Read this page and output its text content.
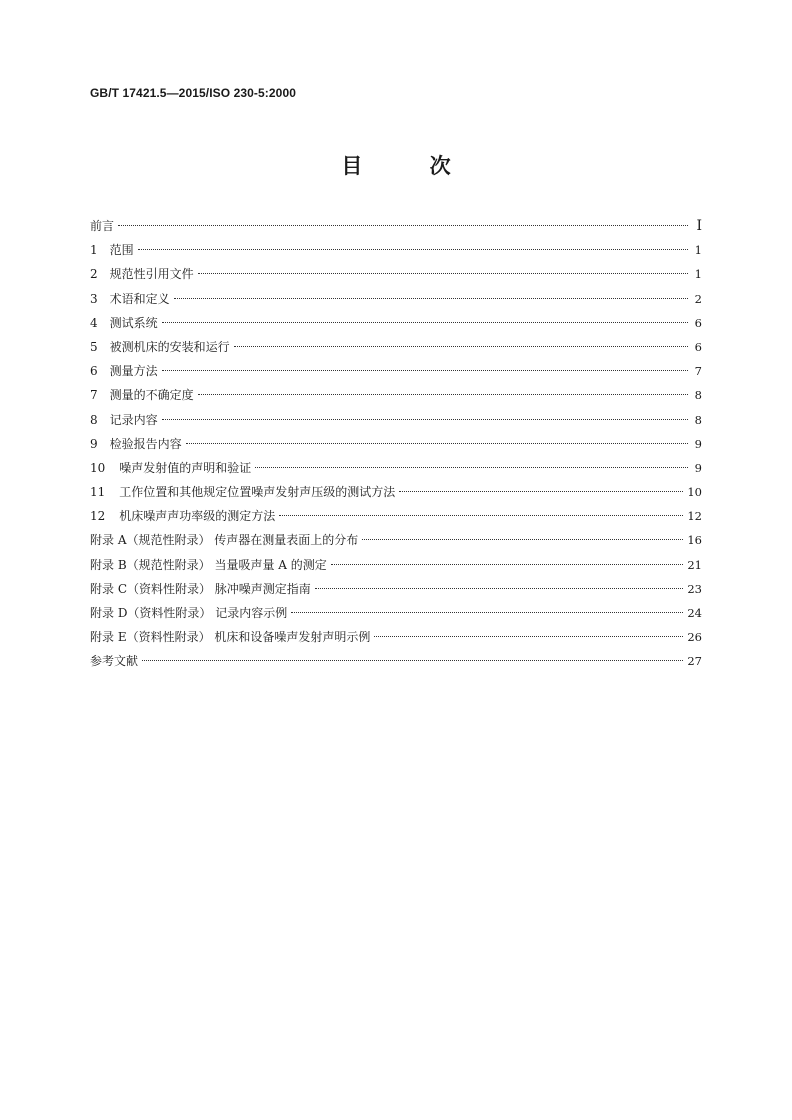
GB/T 17421.5—2015/ISO 230-5:2000
目 次
前言	Ⅰ
1 范围	1
2 规范性引用文件	1
3 术语和定义	2
4 测试系统	6
5 被测机床的安装和运行	6
6 测量方法	7
7 测量的不确定度	8
8 记录内容	8
9 检验报告内容	9
10 噪声发射值的声明和验证	9
11 工作位置和其他规定位置噪声发射声压级的测试方法	10
12 机床噪声声功率级的测定方法	12
附录 A（规范性附录） 传声器在测量表面上的分布	16
附录 B（规范性附录） 当量吸声量 A 的测定	21
附录 C（资料性附录） 脉冲噪声测定指南	23
附录 D（资料性附录） 记录内容示例	24
附录 E（资料性附录） 机床和设备噪声发射声明示例	26
参考文献	27
